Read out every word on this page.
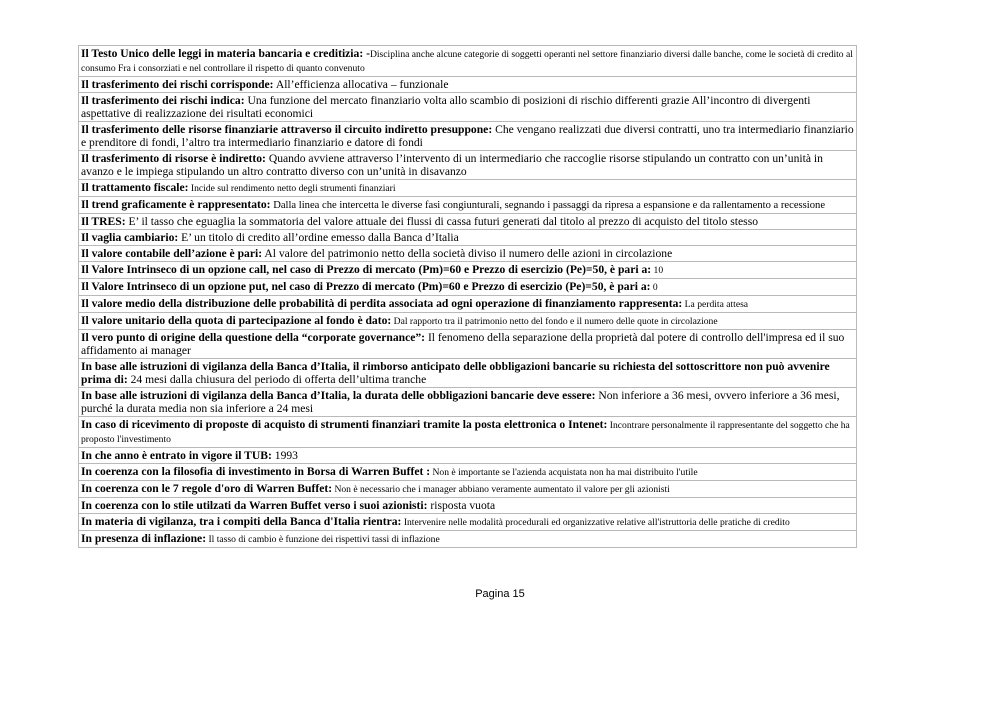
Il Testo Unico delle leggi in materia bancaria e creditizia: -Disciplina anche alcune categorie di soggetti operanti nel settore finanziario diversi dalle banche, come le società di credito al consumo Fra i consorziati e nel controllare il rispetto di quanto convenuto
Il trasferimento dei rischi corrisponde: All’efficienza allocativa – funzionale
Il trasferimento dei rischi indica: Una funzione del mercato finanziario volta allo scambio di posizioni di rischio differenti grazie All’incontro di divergenti aspettative di realizzazione dei risultati economici
Il trasferimento delle risorse finanziarie attraverso il circuito indiretto presuppone: Che vengano realizzati due diversi contratti, uno tra intermediario finanziario e prenditore di fondi, l’altro tra intermediario finanziario e datore di fondi
Il trasferimento di risorse è indiretto: Quando avviene attraverso l’intervento di un intermediario che raccoglie risorse stipulando un contratto con un’unità in avanzo e le impiega stipulando un altro contratto diverso con un’unità in disavanzo
Il trattamento fiscale: Incide sul rendimento netto degli strumenti finanziari
Il trend graficamente è rappresentato: Dalla linea che intercetta le diverse fasi congiunturali, segnando i passaggi da ripresa a espansione e da rallentamento a recessione
Il TRES: E’ il tasso che eguaglia la sommatoria del valore attuale dei flussi di cassa futuri generati dal titolo al prezzo di acquisto del titolo stesso
Il vaglia cambiario: E’ un titolo di credito all’ordine emesso dalla Banca d’Italia
Il valore contabile dell’azione è pari: Al valore del patrimonio netto della società diviso il numero delle azioni in circolazione
Il Valore Intrinseco di un opzione call, nel caso di Prezzo di mercato (Pm)=60 e Prezzo di esercizio (Pe)=50, è pari a: 10
Il Valore Intrinseco di un opzione put, nel caso di Prezzo di mercato (Pm)=60 e Prezzo di esercizio (Pe)=50, è pari a: 0
Il valore medio della distribuzione delle probabilità di perdita associata ad ogni operazione di finanziamento rappresenta: La perdita attesa
Il valore unitario della quota di partecipazione al fondo è dato: Dal rapporto tra il patrimonio netto del fondo e il numero delle quote in circolazione
Il vero punto di origine della questione della “corporate governance”: Il fenomeno della separazione della proprietà dal potere di controllo dell'impresa ed il suo affidamento ai manager
In base alle istruzioni di vigilanza della Banca d’Italia, il rimborso anticipato delle obbligazioni bancarie su richiesta del sottoscrittore non può avvenire prima di: 24 mesi dalla chiusura del periodo di offerta dell’ultima tranche
In base alle istruzioni di vigilanza della Banca d’Italia, la durata delle obbligazioni bancarie deve essere: Non inferiore a 36 mesi, ovvero inferiore a 36 mesi, purché la durata media non sia inferiore a 24 mesi
In caso di ricevimento di proposte di acquisto di strumenti finanziari tramite la posta elettronica o Intenet: Incontrare personalmente il rappresentante del soggetto che ha proposto l'investimento
In che anno è entrato in vigore il TUB: 1993
In coerenza con la filosofia di investimento in Borsa di Warren Buffet : Non è importante se l'azienda acquistata non ha mai distribuito l'utile
In coerenza con le 7 regole d'oro di Warren Buffet: Non è necessario che i manager abbiano veramente aumentato il valore per gli azionisti
In coerenza con lo stile utilzati da Warren Buffet verso i suoi azionisti: risposta vuota
In materia di vigilanza, tra i compiti della Banca d'Italia rientra: Intervenire nelle modalità procedurali ed organizzative relative all'istruttoria delle pratiche di credito
In presenza di inflazione: Il tasso di cambio è funzione dei rispettivi tassi di inflazione
Pagina 15
